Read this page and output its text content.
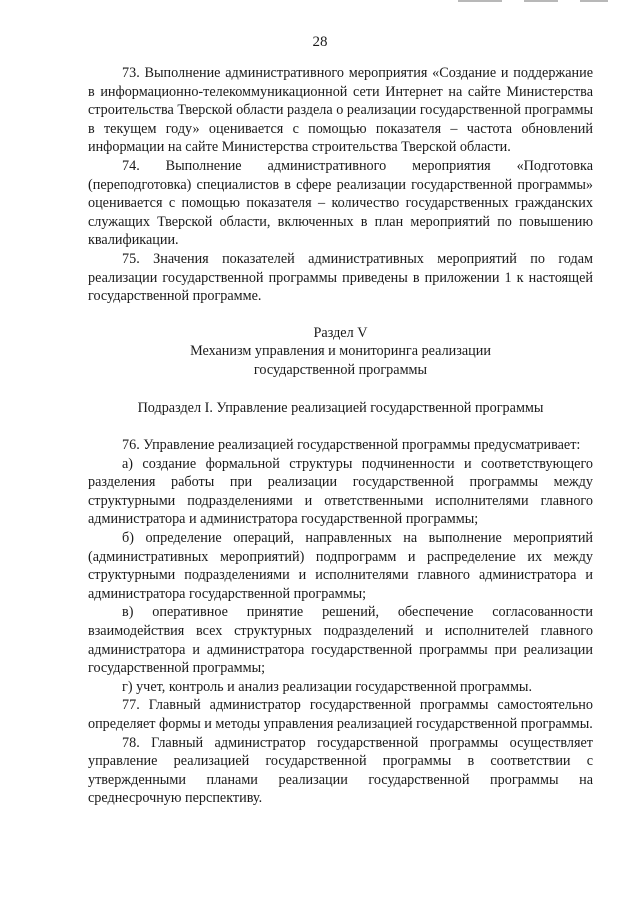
28

73. Выполнение административного мероприятия «Создание и поддержание в информационно-телекоммуникационной сети Интернет на сайте Министерства строительства Тверской области раздела о реализации государственной программы в текущем году» оценивается с помощью показателя – частота обновлений информации на сайте Министерства строительства Тверской области.

74. Выполнение административного мероприятия «Подготовка (переподготовка) специалистов в сфере реализации государственной программы» оценивается с помощью показателя – количество государственных гражданских служащих Тверской области, включенных в план мероприятий по повышению квалификации.

75. Значения показателей административных мероприятий по годам реализации государственной программы приведены в приложении 1 к настоящей государственной программе.

Раздел V

Механизм управления и мониторинга реализации

государственной программы

Подраздел I. Управление реализацией государственной программы

76. Управление реализацией государственной программы предусматривает:

а) создание формальной структуры подчиненности и соответствующего разделения работы при реализации государственной программы между структурными подразделениями и ответственными исполнителями главного администратора и администратора государственной программы;

б) определение операций, направленных на выполнение мероприятий (административных мероприятий) подпрограмм и распределение их между структурными подразделениями и исполнителями главного администратора и администратора государственной программы;

в) оперативное принятие решений, обеспечение согласованности взаимодействия всех структурных подразделений и исполнителей главного администратора и администратора государственной программы при реализации государственной программы;

г) учет, контроль и анализ реализации государственной программы.

77. Главный администратор государственной программы самостоятельно определяет формы и методы управления реализацией государственной программы.

78. Главный администратор государственной программы осуществляет управление реализацией государственной программы в соответствии с утвержденными планами реализации государственной программы на среднесрочную перспективу.
